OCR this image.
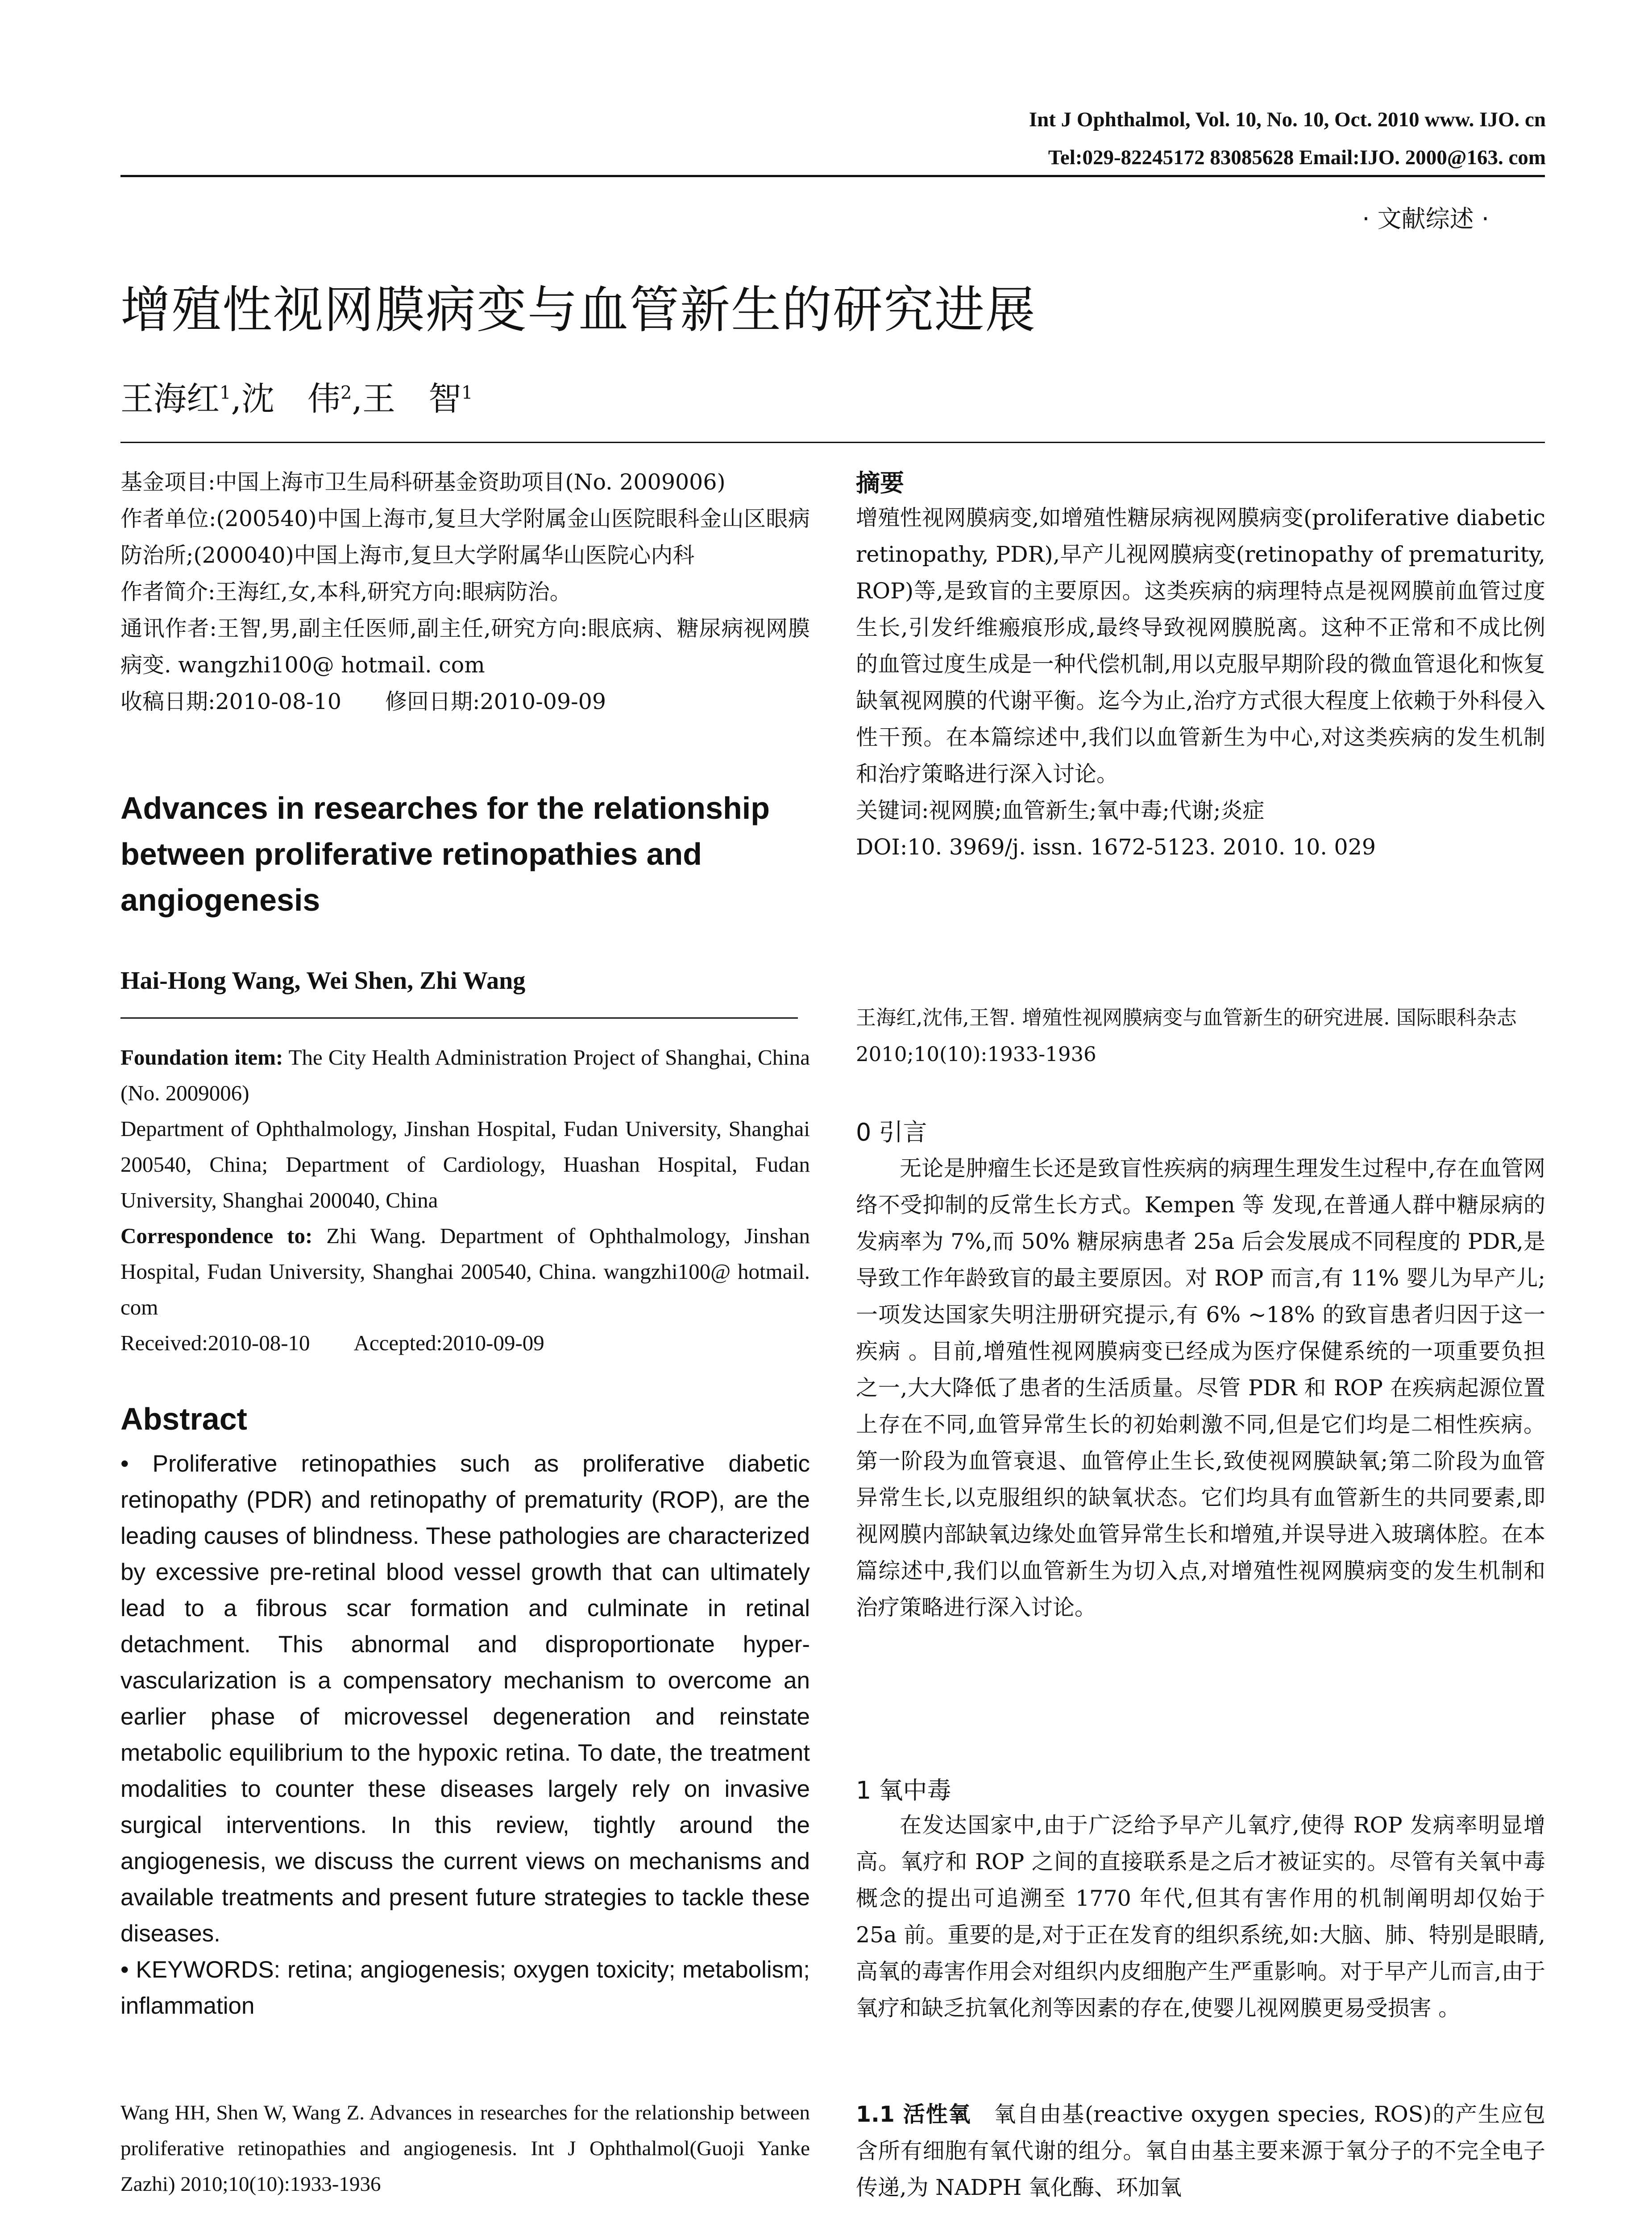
Int J Ophthalmol, Vol. 10, No. 10, Oct. 2010 www. IJO. cn
Tel:029-82245172 83085628 Email:IJO. 2000@163. com
· 文献综述 ·
增殖性视网膜病变与血管新生的研究进展
王海红$^1$,沈　伟$^2$,王　智$^1$

基金项目:中国上海市卫生局科研基金资助项目(No. 2009006)

作者单位:(200540)中国上海市,复旦大学附属金山医院眼科金山区眼病防治所;(200040)中国上海市,复旦大学附属华山医院心内科

作者简介:王海红,女,本科,研究方向:眼病防治。

通讯作者:王智,男,副主任医师,副主任,研究方向:眼底病、糖尿病视网膜病变. wangzhi100@ hotmail. com

收稿日期:2010-08-10　　修回日期:2010-09-09

Advances in researches for the relationship between proliferative retinopathies and angiogenesis
Hai-Hong Wang, Wei Shen, Zhi Wang

Foundation item: The City Health Administration Project of Shanghai, China (No. 2009006)

Department of Ophthalmology, Jinshan Hospital, Fudan University, Shanghai 200540, China; Department of Cardiology, Huashan Hospital, Fudan University, Shanghai 200040, China

Correspondence to: Zhi Wang. Department of Ophthalmology, Jinshan Hospital, Fudan University, Shanghai 200540, China. wangzhi100@ hotmail. com

Received:2010-08-10　　Accepted:2010-09-09

Abstract

• Proliferative retinopathies such as proliferative diabetic retinopathy (PDR) and retinopathy of prematurity (ROP), are the leading causes of blindness. These pathologies are characterized by excessive pre-retinal blood vessel growth that can ultimately lead to a fibrous scar formation and culminate in retinal detachment. This abnormal and disproportionate hyper-vascularization is a compensatory mechanism to overcome an earlier phase of microvessel degeneration and reinstate metabolic equilibrium to the hypoxic retina. To date, the treatment modalities to counter these diseases largely rely on invasive surgical interventions. In this review, tightly around the angiogenesis, we discuss the current views on mechanisms and available treatments and present future strategies to tackle these diseases.

• KEYWORDS: retina; angiogenesis; oxygen toxicity; metabolism; inflammation

Wang HH, Shen W, Wang Z. Advances in researches for the relationship between proliferative retinopathies and angiogenesis. Int J Ophthalmol(Guoji Yanke Zazhi) 2010;10(10):1933-1936
摘要

增殖性视网膜病变,如增殖性糖尿病视网膜病变(proliferative diabetic retinopathy, PDR),早产儿视网膜病变(retinopathy of prematurity, ROP)等,是致盲的主要原因。这类疾病的病理特点是视网膜前血管过度生长,引发纤维瘢痕形成,最终导致视网膜脱离。这种不正常和不成比例的血管过度生成是一种代偿机制,用以克服早期阶段的微血管退化和恢复缺氧视网膜的代谢平衡。迄今为止,治疗方式很大程度上依赖于外科侵入性干预。在本篇综述中,我们以血管新生为中心,对这类疾病的发生机制和治疗策略进行深入讨论。

关键词:视网膜;血管新生;氧中毒;代谢;炎症

DOI:10. 3969/j. issn. 1672-5123. 2010. 10. 029

王海红,沈伟,王智. 增殖性视网膜病变与血管新生的研究进展. 国际眼科杂志 2010;10(10):1933-1936
0 引言
无论是肿瘤生长还是致盲性疾病的病理生理发生过程中,存在血管网络不受抑制的反常生长方式。Kempen 等 发现,在普通人群中糖尿病的发病率为 7%,而 50% 糖尿病患者 25a 后会发展成不同程度的 PDR,是导致工作年龄致盲的最主要原因。对 ROP 而言,有 11% 婴儿为早产儿;一项发达国家失明注册研究提示,有 6% ~18% 的致盲患者归因于这一疾病 。目前,增殖性视网膜病变已经成为医疗保健系统的一项重要负担之一,大大降低了患者的生活质量。尽管 PDR 和 ROP 在疾病起源位置上存在不同,血管异常生长的初始刺激不同,但是它们均是二相性疾病。第一阶段为血管衰退、血管停止生长,致使视网膜缺氧;第二阶段为血管异常生长,以克服组织的缺氧状态。它们均具有血管新生的共同要素,即视网膜内部缺氧边缘处血管异常生长和增殖,并误导进入玻璃体腔。在本篇综述中,我们以血管新生为切入点,对增殖性视网膜病变的发生机制和治疗策略进行深入讨论。
1 氧中毒
在发达国家中,由于广泛给予早产儿氧疗,使得 ROP 发病率明显增高。氧疗和 ROP 之间的直接联系是之后才被证实的。尽管有关氧中毒概念的提出可追溯至 1770 年代,但其有害作用的机制阐明却仅始于 25a 前。重要的是,对于正在发育的组织系统,如:大脑、肺、特别是眼睛,高氧的毒害作用会对组织内皮细胞产生严重影响。对于早产儿而言,由于氧疗和缺乏抗氧化剂等因素的存在,使婴儿视网膜更易受损害 。

1.1 活性氧　 氧自由基(reactive oxygen species, ROS)的产生应包含所有细胞有氧代谢的组分。氧自由基主要来源于氧分子的不完全电子传递,为 NADPH 氧化酶、环加氧
